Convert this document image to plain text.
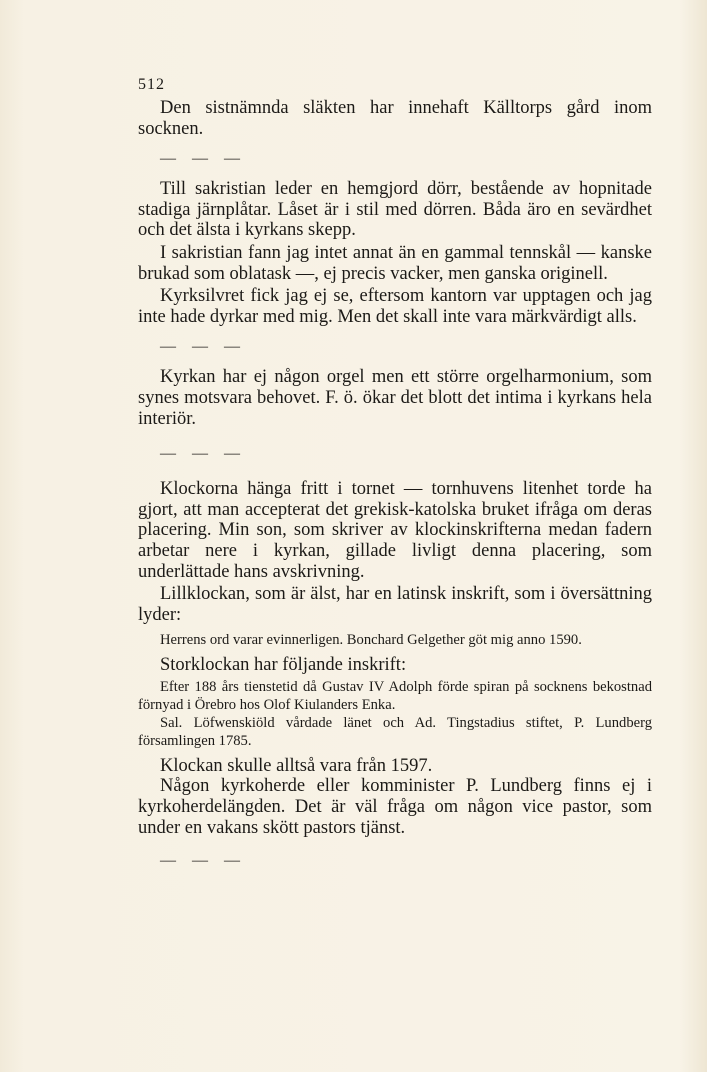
512

Den sistnämnda släkten har innehaft Källtorps gård inom socknen.

— — —

Till sakristian leder en hemgjord dörr, bestående av hopnitade stadiga järnplåtar. Låset är i stil med dörren. Båda äro en sevärdhet och det älsta i kyrkans skepp.

I sakristian fann jag intet annat än en gammal tennskål — kanske brukad som oblatask —, ej precis vacker, men ganska originell.

Kyrksilvret fick jag ej se, eftersom kantorn var upptagen och jag inte hade dyrkar med mig. Men det skall inte vara märkvärdigt alls.

— — —

Kyrkan har ej någon orgel men ett större orgelharmonium, som synes motsvara behovet. F. ö. ökar det blott det intima i kyrkans hela interiör.

— — —

Klockorna hänga fritt i tornet — tornhuvens litenhet torde ha gjort, att man accepterat det grekisk-katolska bruket ifråga om deras placering. Min son, som skriver av klockinskrifterna medan fadern arbetar nere i kyrkan, gillade livligt denna placering, som underlättade hans avskrivning.

Lillklockan, som är älst, har en latinsk inskrift, som i översättning lyder:

Herrens ord varar evinnerligen. Bonchard Gelgether göt mig anno 1590.

Storklockan har följande inskrift:

Efter 188 års tienstetid då Gustav IV Adolph förde spiran på socknens bekostnad förnyad i Örebro hos Olof Kiulanders Enka.
Sal. Löfwenskiöld vårdade länet och Ad. Tingstadius stiftet, P. Lundberg församlingen 1785.

Klockan skulle alltså vara från 1597.

Någon kyrkoherde eller komminister P. Lundberg finns ej i kyrkoherdelängden. Det är väl fråga om någon vice pastor, som under en vakans skött pastors tjänst.

— — —
